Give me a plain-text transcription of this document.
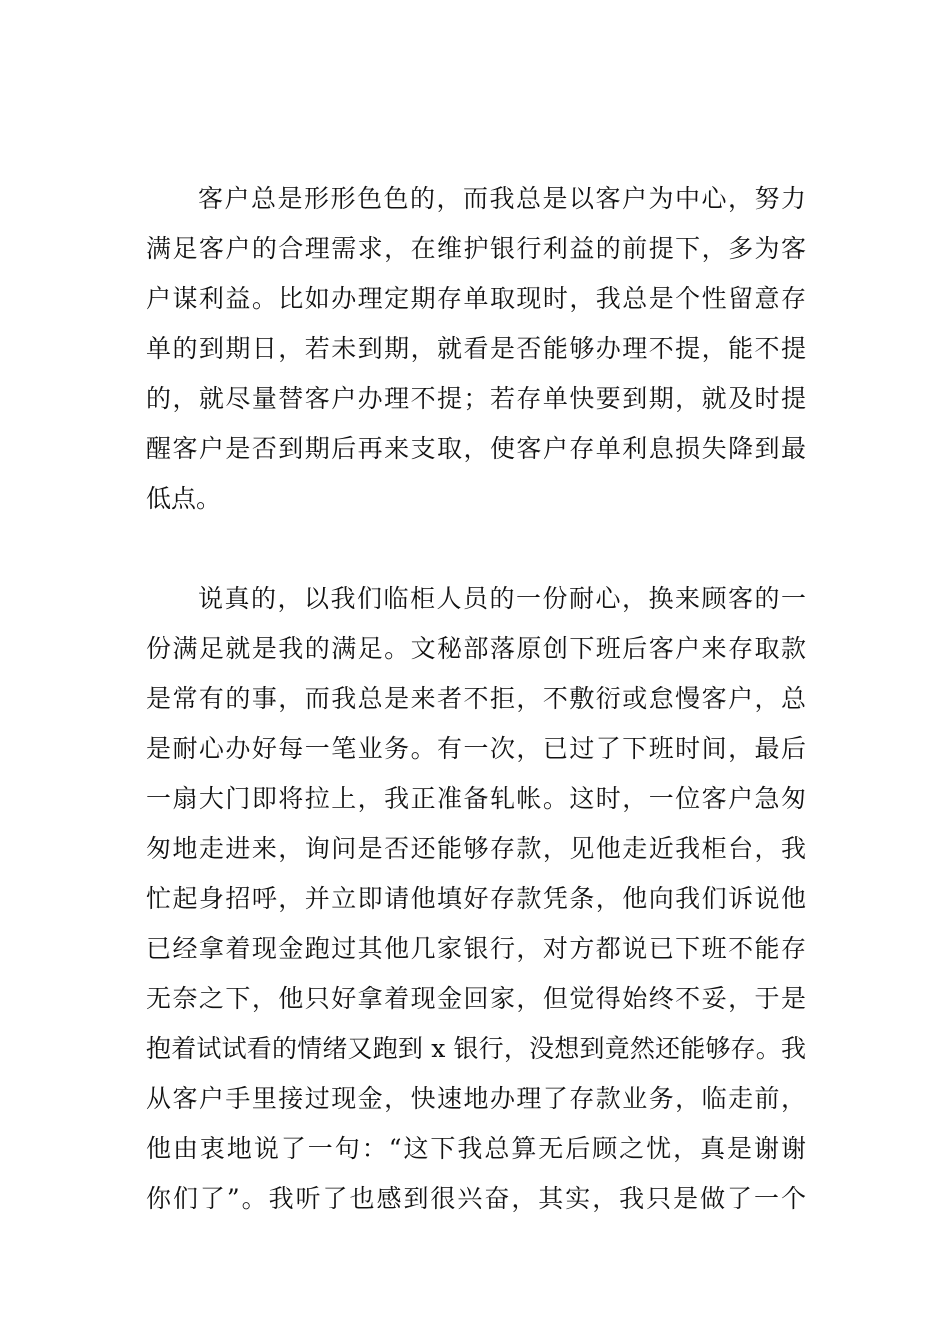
客户总是形形色色的，而我总是以客户为中心，努力
满足客户的合理需求，在维护银行利益的前提下，多为客
户谋利益。比如办理定期存单取现时，我总是个性留意存
单的到期日，若未到期，就看是否能够办理不提，能不提
的，就尽量替客户办理不提；若存单快要到期，就及时提
醒客户是否到期后再来支取，使客户存单利息损失降到最
低点。
说真的，以我们临柜人员的一份耐心，换来顾客的一
份满足就是我的满足。文秘部落原创下班后客户来存取款
是常有的事，而我总是来者不拒，不敷衍或怠慢客户，总
是耐心办好每一笔业务。有一次，已过了下班时间，最后
一扇大门即将拉上，我正准备轧帐。这时，一位客户急匆
匆地走进来，询问是否还能够存款，见他走近我柜台，我
忙起身招呼，并立即请他填好存款凭条，他向我们诉说他
已经拿着现金跑过其他几家银行，对方都说已下班不能存
无奈之下，他只好拿着现金回家，但觉得始终不妥，于是
抱着试试看的情绪又跑到 x 银行，没想到竟然还能够存。我
从客户手里接过现金，快速地办理了存款业务，临走前，
他由衷地说了一句：“这下我总算无后顾之忧，真是谢谢
你们了”。我听了也感到很兴奋，其实，我只是做了一个
